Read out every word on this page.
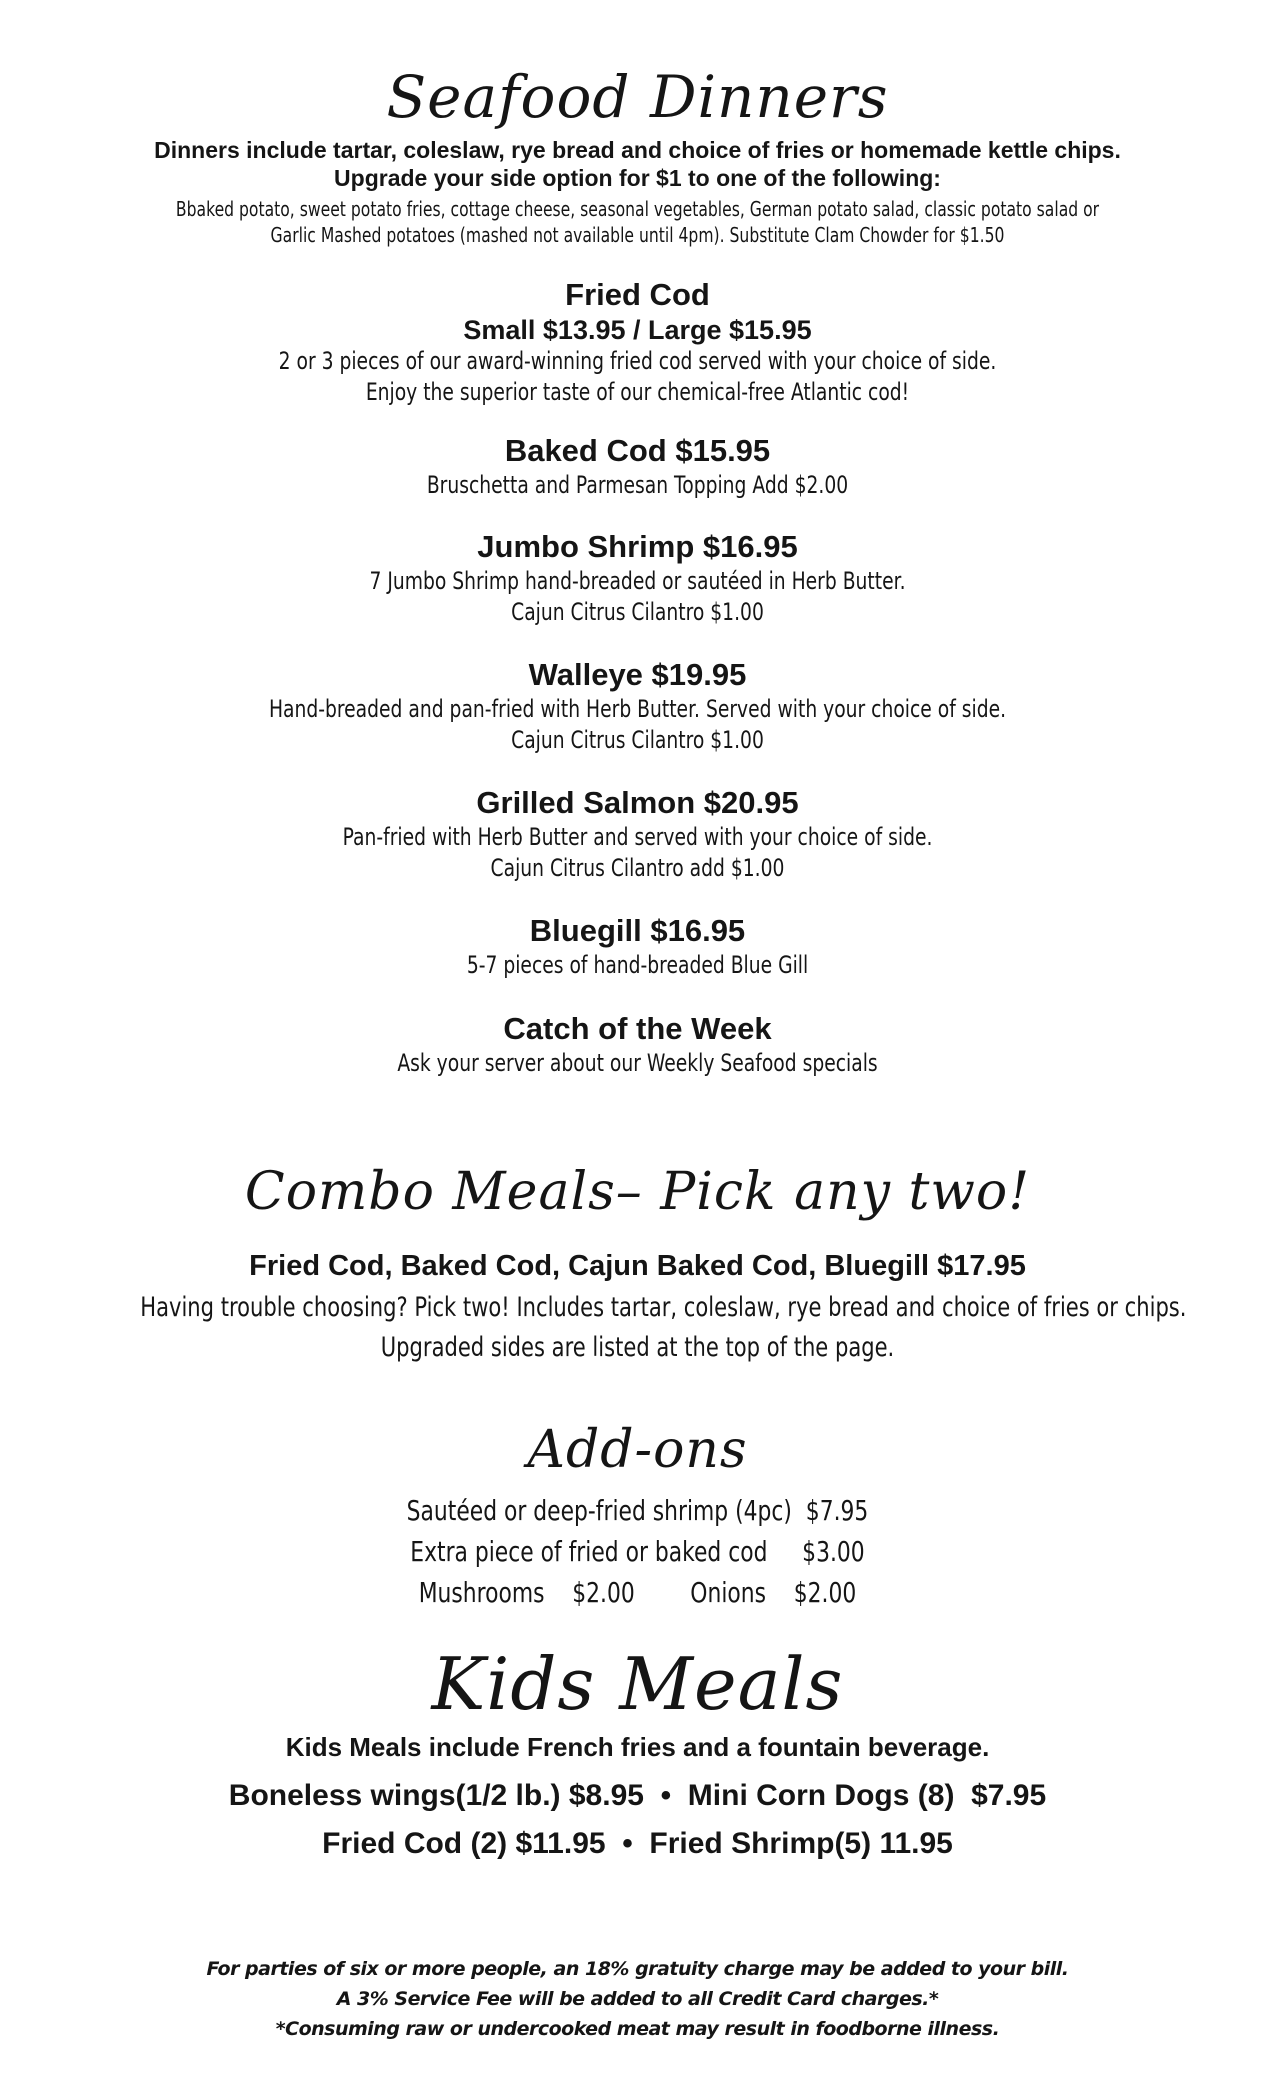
Seafood Dinners
Dinners include tartar, coleslaw, rye bread and choice of fries or homemade kettle chips.
Upgrade your side option for $1 to one of the following:
Bbaked potato, sweet potato fries, cottage cheese, seasonal vegetables, German potato salad, classic potato salad or
Garlic Mashed potatoes (mashed not available until 4pm). Substitute Clam Chowder for $1.50
Fried Cod
Small $13.95 / Large $15.95
2 or 3 pieces of our award-winning fried cod served with your choice of side.
Enjoy the superior taste of our chemical-free Atlantic cod!
Baked Cod $15.95
Bruschetta and Parmesan Topping Add $2.00
Jumbo Shrimp $16.95
7 Jumbo Shrimp hand-breaded or sautéed in Herb Butter.
Cajun Citrus Cilantro $1.00
Walleye $19.95
Hand-breaded and pan-fried with Herb Butter. Served with your choice of side.
Cajun Citrus Cilantro $1.00
Grilled Salmon $20.95
Pan-fried with Herb Butter and served with your choice of side.
Cajun Citrus Cilantro add $1.00
Bluegill $16.95
5-7 pieces of hand-breaded Blue Gill
Catch of the Week
Ask your server about our Weekly Seafood specials
Combo Meals– Pick any two!
Fried Cod, Baked Cod, Cajun Baked Cod, Bluegill $17.95
Having trouble choosing? Pick two! Includes tartar, coleslaw, rye bread and choice of fries or chips.
Upgraded sides are listed at the top of the page.
Add-ons
Sautéed or deep-fried shrimp (4pc)  $7.95
Extra piece of fried or baked cod     $3.00
Mushrooms    $2.00        Onions    $2.00
Kids Meals
Kids Meals include French fries and a fountain beverage.
Boneless wings(1/2 lb.) $8.95  •  Mini Corn Dogs (8)  $7.95
Fried Cod (2) $11.95  •  Fried Shrimp(5) 11.95
For parties of six or more people, an 18% gratuity charge may be added to your bill.
A 3% Service Fee will be added to all Credit Card charges.*
*Consuming raw or undercooked meat may result in foodborne illness.
